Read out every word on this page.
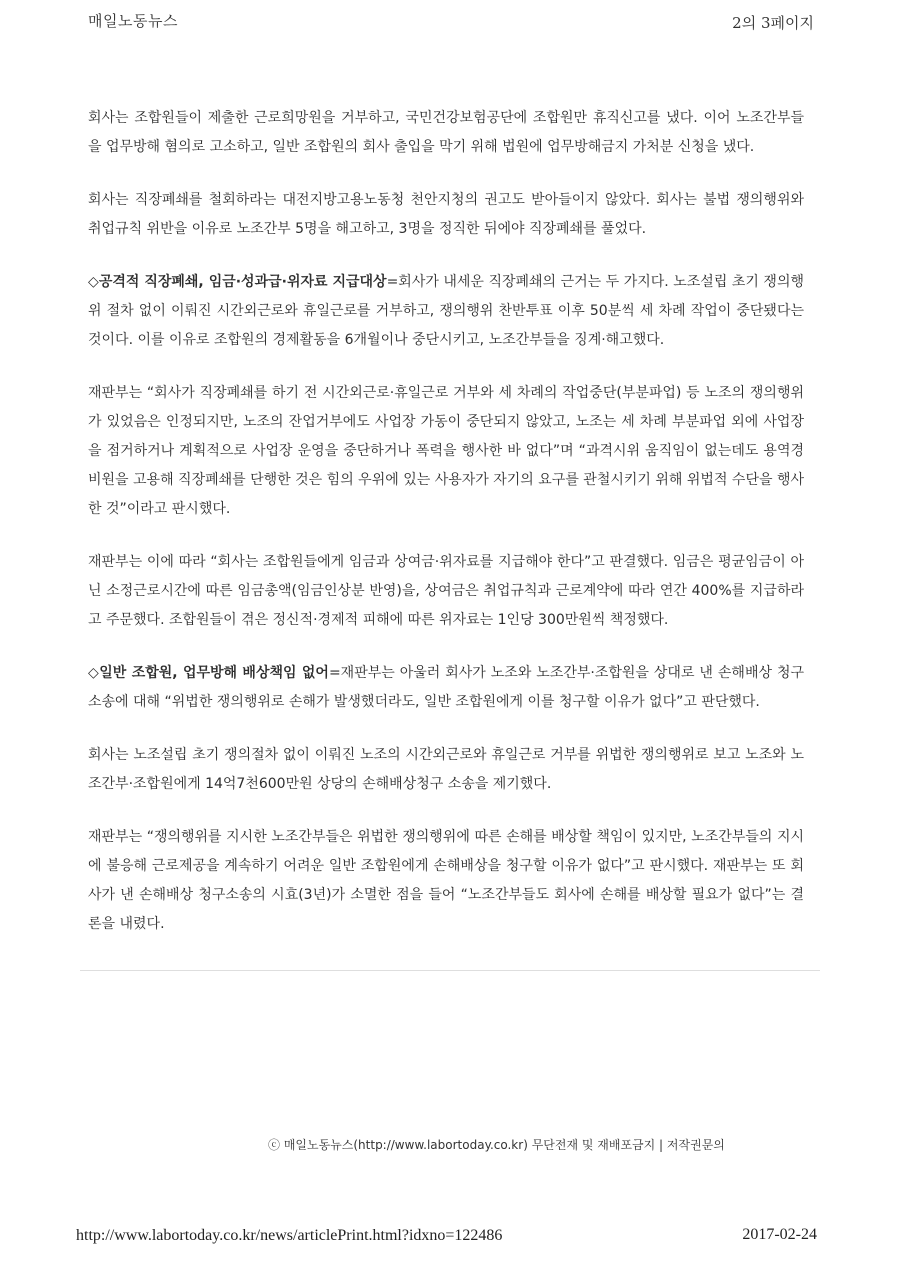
매일노동뉴스	2의 3페이지

회사는 조합원들이 제출한 근로희망원을 거부하고, 국민건강보험공단에 조합원만 휴직신고를 냈다. 이어 노조간부들을 업무방해 혐의로 고소하고, 일반 조합원의 회사 출입을 막기 위해 법원에 업무방해금지 가처분 신청을 냈다.

회사는 직장폐쇄를 철회하라는 대전지방고용노동청 천안지청의 권고도 받아들이지 않았다. 회사는 불법 쟁의행위와 취업규칙 위반을 이유로 노조간부 5명을 해고하고, 3명을 정직한 뒤에야 직장폐쇄를 풀었다.

◇공격적 직장폐쇄, 임금·성과급·위자료 지급대상=회사가 내세운 직장폐쇄의 근거는 두 가지다. 노조설립 초기 쟁의행위 절차 없이 이뤄진 시간외근로와 휴일근로를 거부하고, 쟁의행위 찬반투표 이후 50분씩 세 차례 작업이 중단됐다는 것이다. 이를 이유로 조합원의 경제활동을 6개월이나 중단시키고, 노조간부들을 징계·해고했다.

재판부는 “회사가 직장폐쇄를 하기 전 시간외근로·휴일근로 거부와 세 차례의 작업중단(부분파업) 등 노조의 쟁의행위가 있었음은 인정되지만, 노조의 잔업거부에도 사업장 가동이 중단되지 않았고, 노조는 세 차례 부분파업 외에 사업장을 점거하거나 계획적으로 사업장 운영을 중단하거나 폭력을 행사한 바 없다”며 “과격시위 움직임이 없는데도 용역경비원을 고용해 직장폐쇄를 단행한 것은 힘의 우위에 있는 사용자가 자기의 요구를 관철시키기 위해 위법적 수단을 행사한 것”이라고 판시했다.

재판부는 이에 따라 “회사는 조합원들에게 임금과 상여금·위자료를 지급해야 한다”고 판결했다. 임금은 평균임금이 아닌 소정근로시간에 따른 임금총액(임금인상분 반영)을, 상여금은 취업규칙과 근로계약에 따라 연간 400%를 지급하라고 주문했다. 조합원들이 겪은 정신적·경제적 피해에 따른 위자료는 1인당 300만원씩 책정했다.

◇일반 조합원, 업무방해 배상책임 없어=재판부는 아울러 회사가 노조와 노조간부·조합원을 상대로 낸 손해배상 청구소송에 대해 “위법한 쟁의행위로 손해가 발생했더라도, 일반 조합원에게 이를 청구할 이유가 없다”고 판단했다.

회사는 노조설립 초기 쟁의절차 없이 이뤄진 노조의 시간외근로와 휴일근로 거부를 위법한 쟁의행위로 보고 노조와 노조간부·조합원에게 14억7천600만원 상당의 손해배상청구 소송을 제기했다.

재판부는 “쟁의행위를 지시한 노조간부들은 위법한 쟁의행위에 따른 손해를 배상할 책임이 있지만, 노조간부들의 지시에 불응해 근로제공을 계속하기 어려운 일반 조합원에게 손해배상을 청구할 이유가 없다”고 판시했다. 재판부는 또 회사가 낸 손해배상 청구소송의 시효(3년)가 소멸한 점을 들어 “노조간부들도 회사에 손해를 배상할 필요가 없다”는 결론을 내렸다.

ⓒ 매일노동뉴스(http://www.labortoday.co.kr) 무단전재 및 재배포금지 | 저작권문의
http://www.labortoday.co.kr/news/articlePrint.html?idxno=122486	2017-02-24
